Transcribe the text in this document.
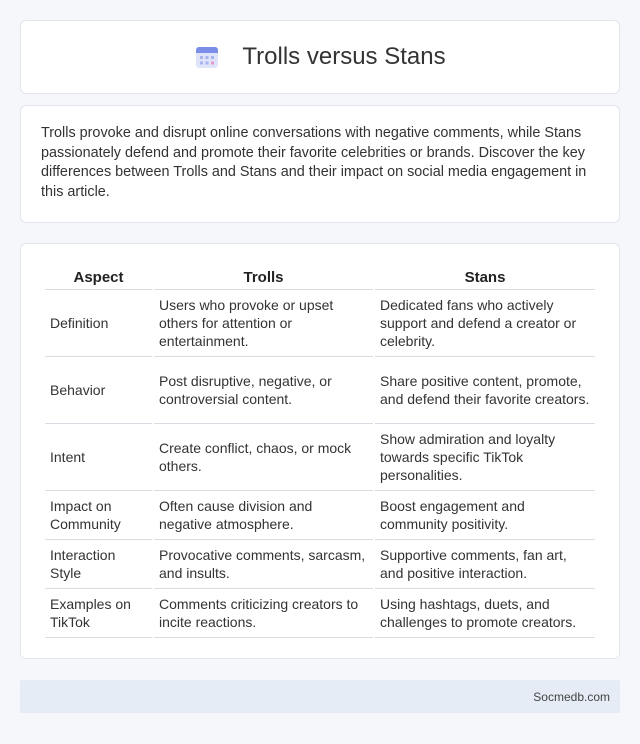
Trolls versus Stans

Trolls provoke and disrupt online conversations with negative comments, while Stans passionately defend and promote their favorite celebrities or brands. Discover the key differences between Trolls and Stans and their impact on social media engagement in this article.

Aspect	Trolls	Stans
Definition	Users who provoke or upset others for attention or entertainment.	Dedicated fans who actively support and defend a creator or celebrity.
Behavior	Post disruptive, negative, or controversial content.	Share positive content, promote, and defend their favorite creators.
Intent	Create conflict, chaos, or mock others.	Show admiration and loyalty towards specific TikTok personalities.
Impact on Community	Often cause division and negative atmosphere.	Boost engagement and community positivity.
Interaction Style	Provocative comments, sarcasm, and insults.	Supportive comments, fan art, and positive interaction.
Examples on TikTok	Comments criticizing creators to incite reactions.	Using hashtags, duets, and challenges to promote creators.
Socmedb.com
